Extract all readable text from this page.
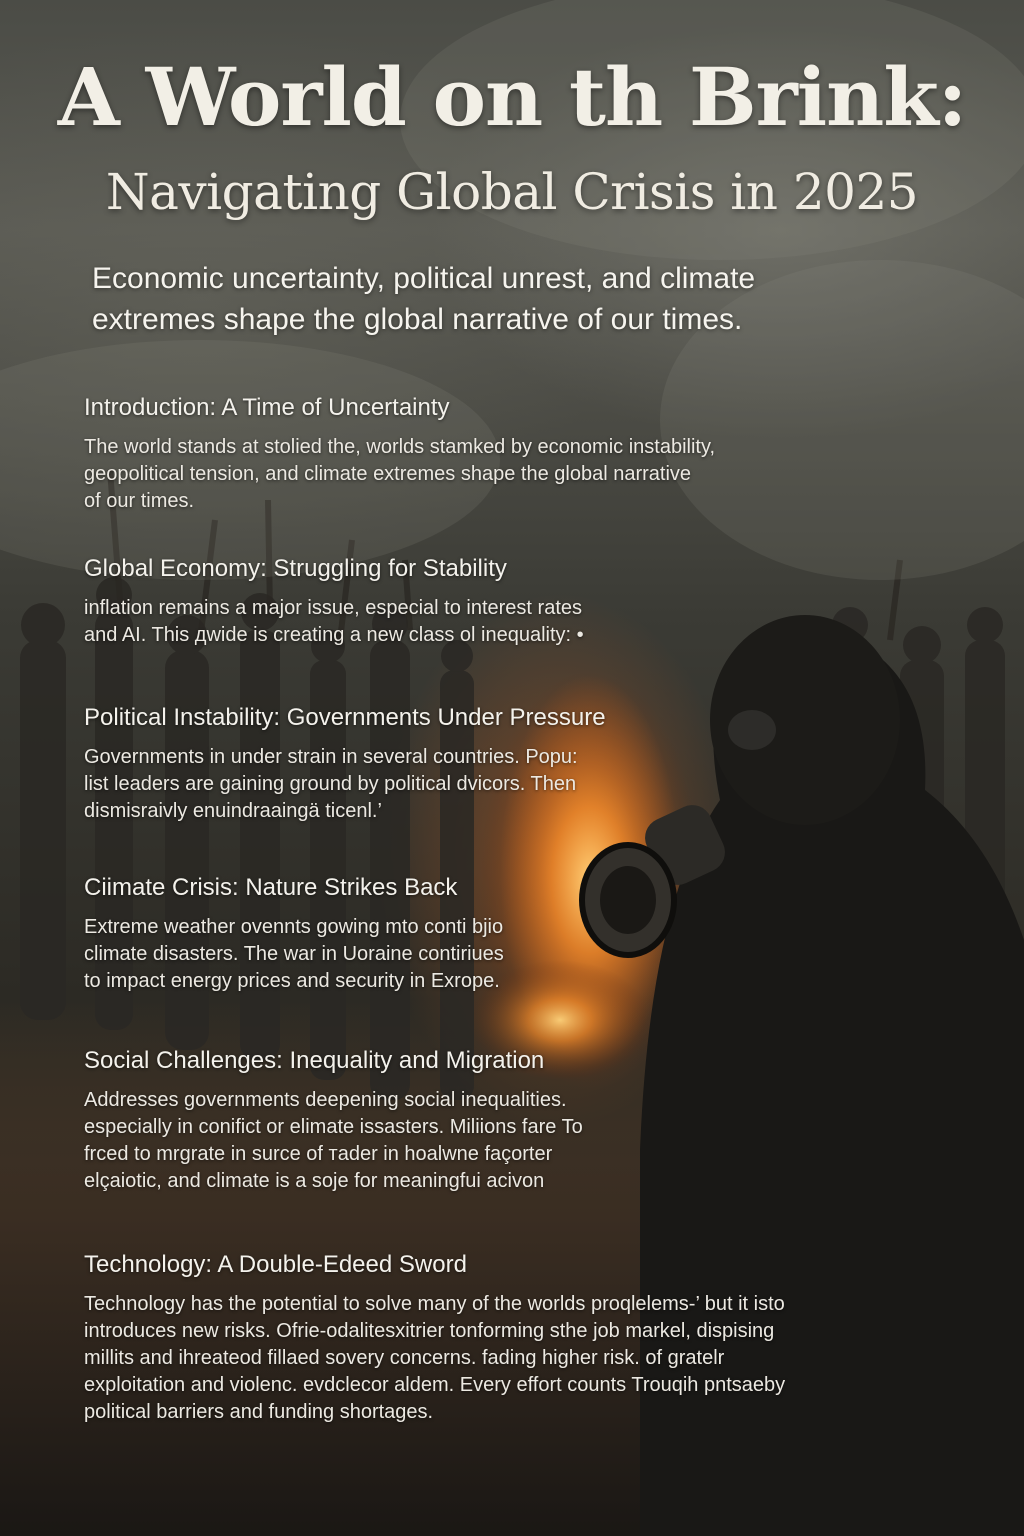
A World on th Brink:
Navigating Global Crisis in 2025
Economic uncertainty, political unrest, and climate
extremes shape the global narrative of our times.
Introduction: A Time of Uncertainty

The world stands at stolied the, worlds stamked by economic instability,
geopolitical tension, and climate extremes shape the global narrative
of our times.

Global Economy: Struggling for Stability

inflation remains a major issue, especial to interest rates
and AI. This дwide is creating a new class ol inequality: •

Political Instability: Governments Under Pressure

Governments in under strain in several countries. Popu:
list leaders are gaining ground by political dvicors. Then
dismisraivly enuindraaingä ticenl.’

Ciimate Crisis: Nature Strikes Back

Extreme weather ovennts gowing mto conti bjio
climate disasters. The war in Uoraine contiriues
to impact energy prices and security in Exrope.

Social Challenges: Inequality and Migration

Addresses governments deepening social inequalities.
especially in conifict or elimate issasters. Miliions fare To
frced to mrgrate in surce of тader in hoalwne façorter
elçaiotic, and climate is a soje for meaningfui acivon

Technology: A Double-Edeed Sword

Technology has the potential to solve many of the worlds proqlelems-’ but it isto
introduces new risks. Ofrie-odalitesxitrier tonforming sthe job markel, dispising
millits and ihreateod fillaed sovery concerns. fading higher risk. of gratelr
exploitation and violenc. evdclecor aldem. Every effort counts Trouqih pntsaeby
political barriers and funding shortages.
